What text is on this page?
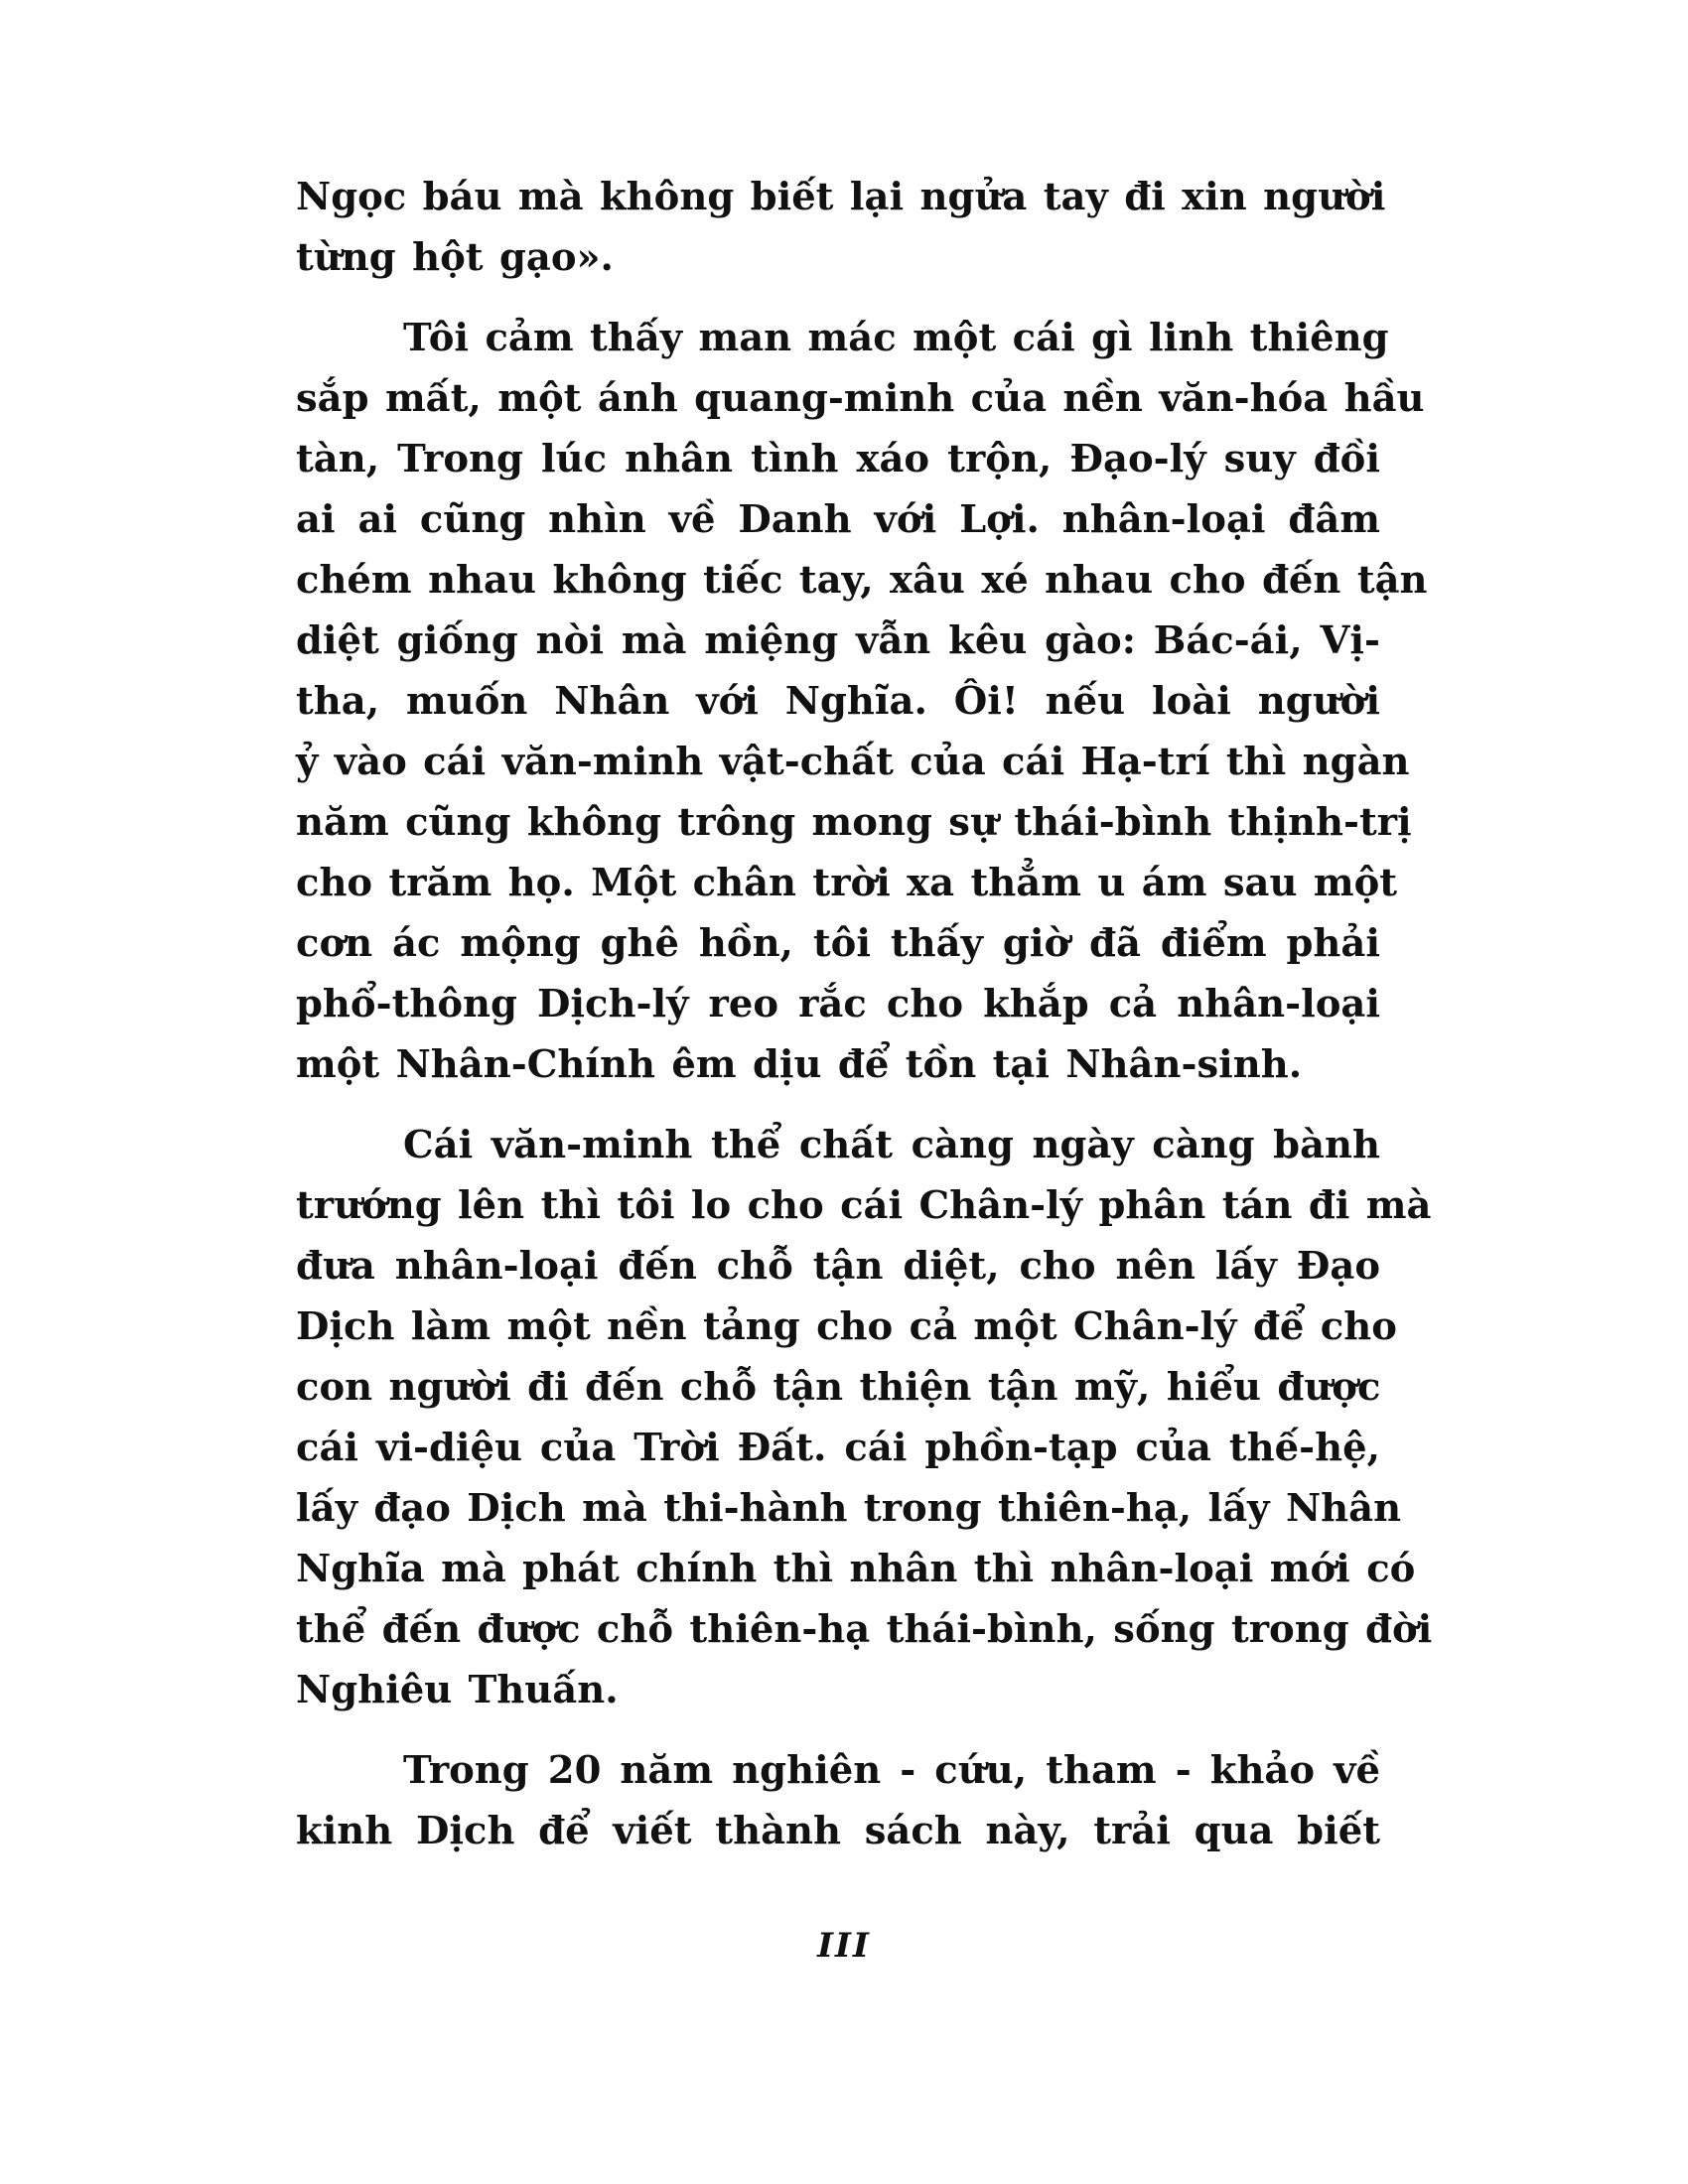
Ngọc báu mà không biết lại ngửa tay đi xin người
từng hột gạo».

Tôi cảm thấy man mác một cái gì linh thiêng
sắp mất, một ánh quang-minh của nền văn-hóa hầu
tàn, Trong lúc nhân tình xáo trộn, Đạo-lý suy đồi
ai ai cũng nhìn về Danh với Lợi. nhân-loại đâm
chém nhau không tiếc tay, xâu xé nhau cho đến tận
diệt giống nòi mà miệng vẫn kêu gào: Bác-ái, Vị-
tha, muốn Nhân với Nghĩa. Ôi! nếu loài người
ỷ vào cái văn-minh vật-chất của cái Hạ-trí thì ngàn
năm cũng không trông mong sự thái-bình thịnh-trị
cho trăm họ. Một chân trời xa thẳm u ám sau một
cơn ác mộng ghê hồn, tôi thấy giờ đã điểm phải
phổ-thông Dịch-lý reo rắc cho khắp cả nhân-loại
một Nhân-Chính êm dịu để tồn tại Nhân-sinh.

Cái văn-minh thể chất càng ngày càng bành
trướng lên thì tôi lo cho cái Chân-lý phân tán đi mà
đưa nhân-loại đến chỗ tận diệt, cho nên lấy Đạo
Dịch làm một nền tảng cho cả một Chân-lý để cho
con người đi đến chỗ tận thiện tận mỹ, hiểu được
cái vi-diệu của Trời Đất. cái phồn-tạp của thế-hệ,
lấy đạo Dịch mà thi-hành trong thiên-hạ, lấy Nhân
Nghĩa mà phát chính thì nhân thì nhân-loại mới có
thể đến được chỗ thiên-hạ thái-bình, sống trong đời
Nghiêu Thuấn.

Trong 20 năm nghiên - cứu, tham - khảo về
kinh Dịch để viết thành sách này, trải qua biết

III
